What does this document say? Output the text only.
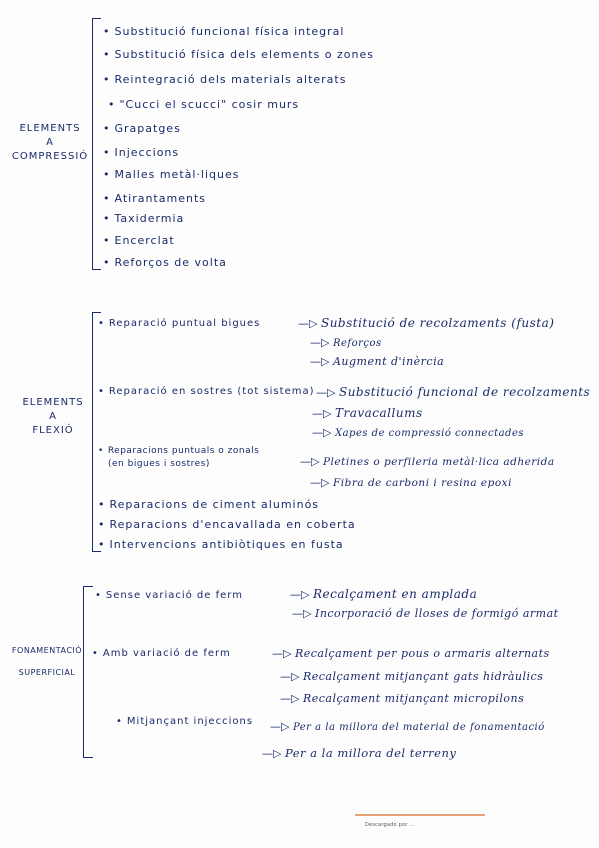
ELEMENTS
A
COMPRESSIÓ
• Substitució funcional física integral
• Substitució física dels elements o zones
• Reintegració dels materials alterats
• "Cucci el scucci" cosir murs
• Grapatges
• Injeccions
• Malles metàl·liques
• Atirantaments
• Taxidermia
• Encerclat
• Reforços de volta
ELEMENTS
A
FLEXIÓ
• Reparació puntual bigues	—▷ Substitució de recolzaments (fusta)
—▷ Reforços
—▷ Augment d'inèrcia
• Reparació en sostres (tot sistema) —▷ Substitució funcional de recolzaments
—▷ Travacallums
—▷ Xapes de compressió connectades
• Reparacions puntuals o zonals
(en bigues i sostres)	—▷ Pletines o perfileria metàl·lica adherida
—▷ Fibra de carboni i resina epoxi
• Reparacions de ciment aluminós
• Reparacions d'encavallada en coberta
• Intervencions antibiòtiques en fusta
FONAMENTACIÓ
SUPERFICIAL
• Sense variació de ferm	—▷ Recalçament en amplada
—▷ Incorporació de lloses de formigó armat
• Amb variació de ferm	—▷ Recalçament per pous o armaris alternats
—▷ Recalçament mitjançant gats hidràulics
—▷ Recalçament mitjançant micropilons
• Mitjançant injeccions —▷ Per a la millora del material de fonamentació
—▷ Per a la millora del terreny
Descargado por …
